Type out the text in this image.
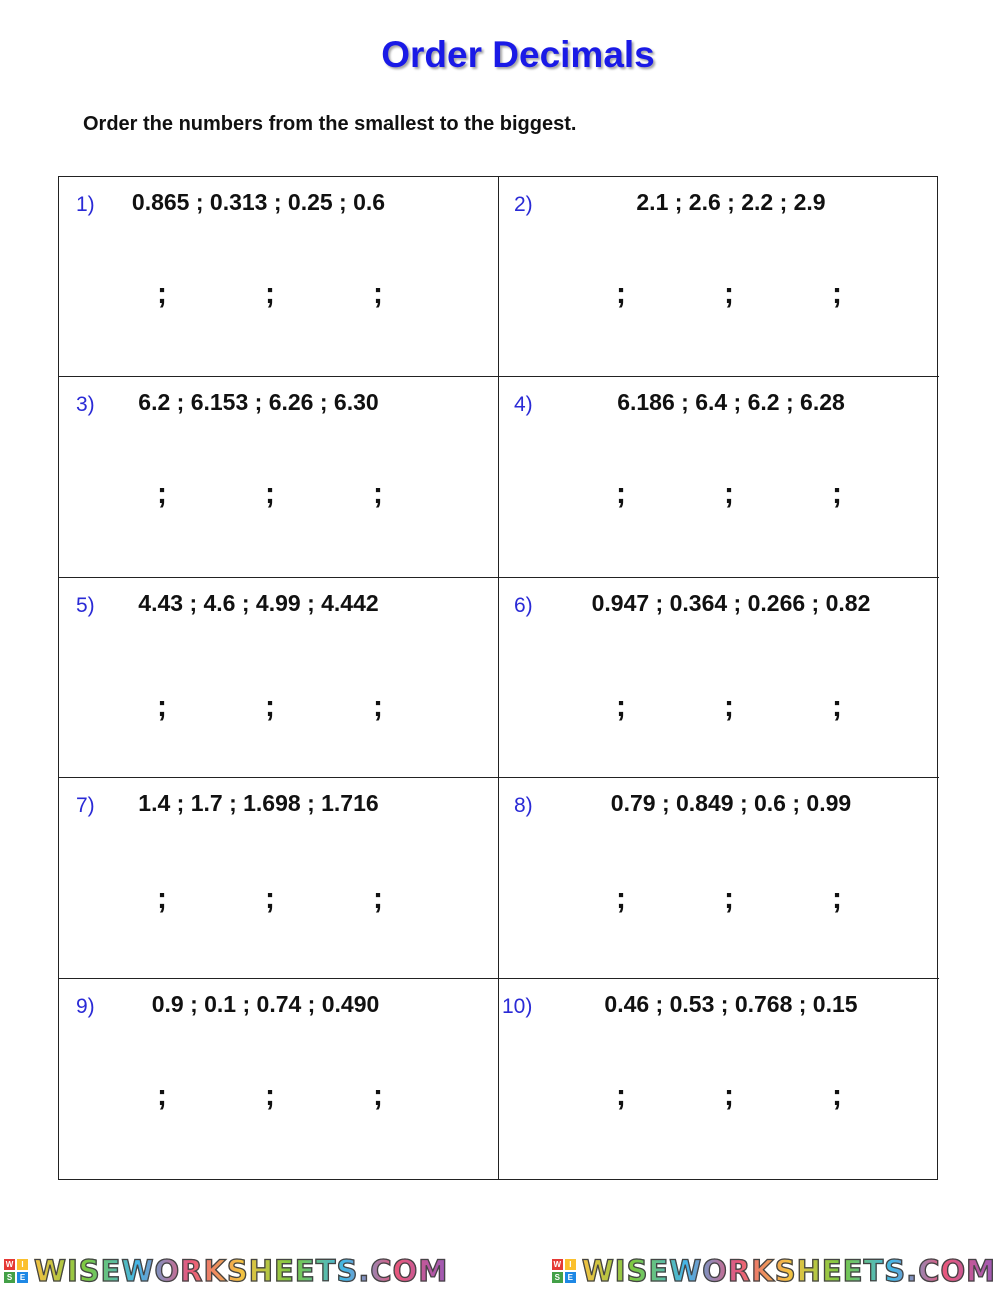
Order Decimals

Order the numbers from the smallest to the biggest.

1)	0.865 ; 0.313 ; 0.25 ; 0.6
;	;	;
2)	2.1 ; 2.6 ; 2.2 ; 2.9
;	;	;
3)	6.2 ; 6.153 ; 6.26 ; 6.30
;	;	;
4)	6.186 ; 6.4 ; 6.2 ; 6.28
;	;	;
5)	4.43 ; 4.6 ; 4.99 ; 4.442
;	;	;
6)	0.947 ; 0.364 ; 0.266 ; 0.82
;	;	;
7)	1.4 ; 1.7 ; 1.698 ; 1.716
;	;	;
8)	0.79 ; 0.849 ; 0.6 ; 0.99
;	;	;
9)	0.9 ; 0.1 ; 0.74 ; 0.490
;	;	;
10)	0.46 ; 0.53 ; 0.768 ; 0.15
;	;	;
W	I
S E WISEWORKSHEETS.COM	W	I
S E WISEWORKSHEETS.COM
